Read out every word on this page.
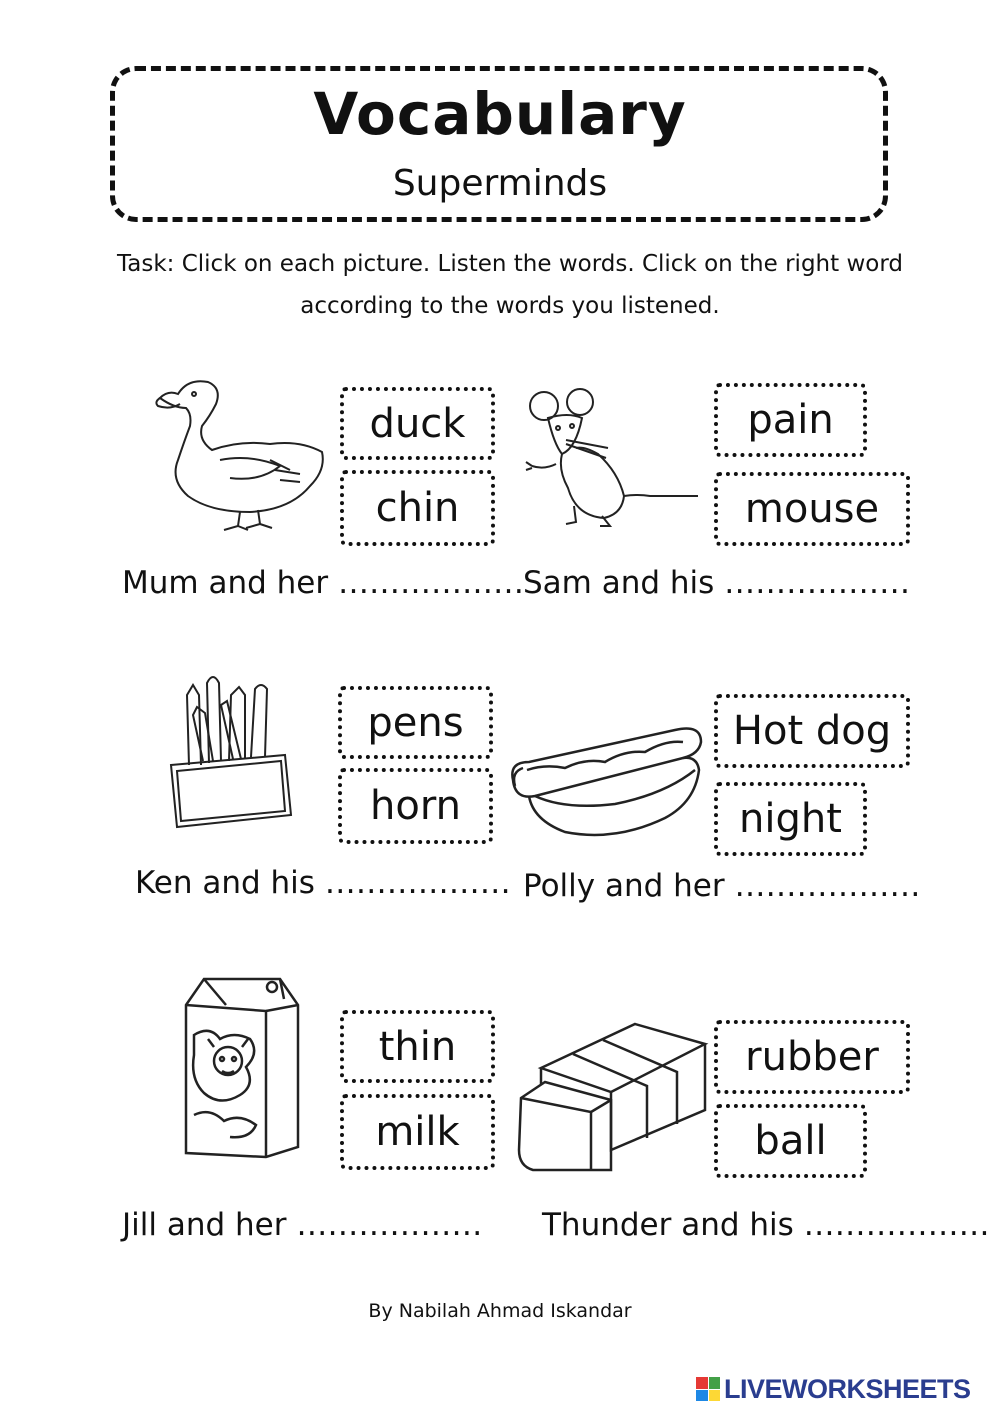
Vocabulary
Superminds
Task: Click on each picture. Listen the words. Click on the right word according to the words you listened.
duck
chin
Mum and her ………………
pain
mouse
Sam and his ………………
pens
horn
Ken and his ………………
Hot dog
night
Polly and her ………………
thin
milk
Jill and her ………………
rubber
ball
Thunder and his ………………
By Nabilah Ahmad Iskandar
LIVEWORKSHEETS
